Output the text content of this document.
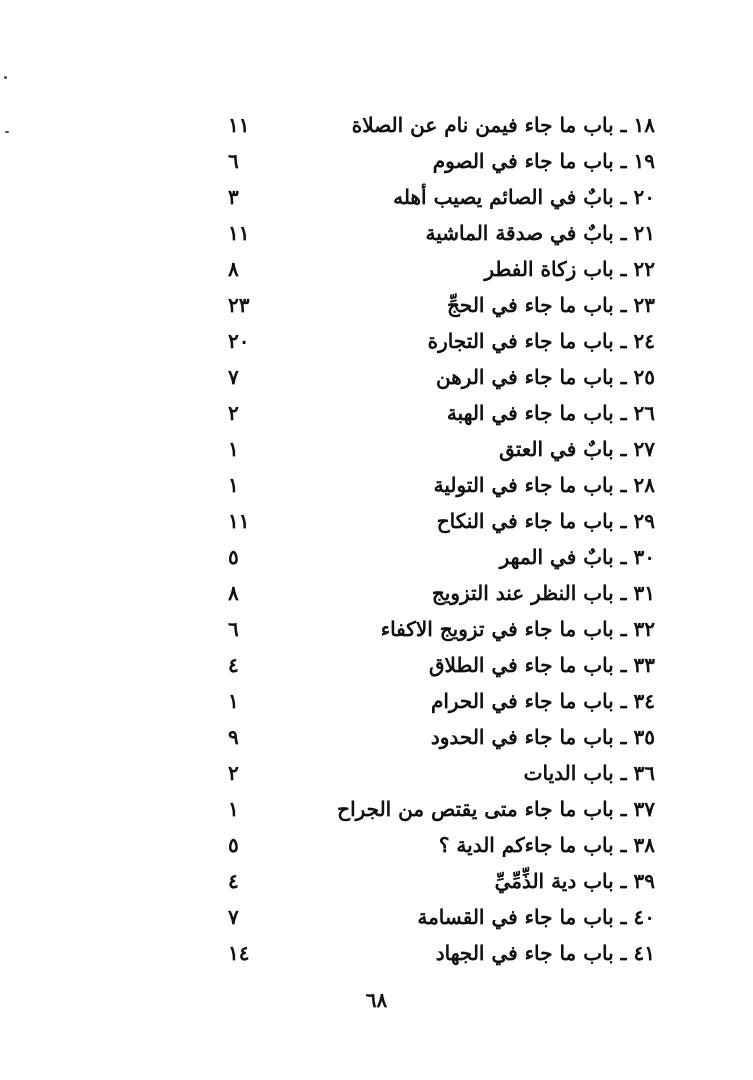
١٨ ـ باب ما جاء فيمن نام عن الصلاة
١١
١٩ ـ باب ما جاء في الصوم
٦
٢٠ ـ بابٌ في الصائم يصيب أهله
٣
٢١ ـ بابٌ في صدقة الماشية
١١
٢٢ ـ باب زكاة الفطر
٨
٢٣ ـ باب ما جاء في الحجِّ
٢٣
٢٤ ـ باب ما جاء في التجارة
٢٠
٢٥ ـ باب ما جاء في الرهن
٧
٢٦ ـ باب ما جاء في الهبة
٢
٢٧ ـ بابٌ في العتق
١
٢٨ ـ باب ما جاء في التولية
١
٢٩ ـ باب ما جاء في النكاح
١١
٣٠ ـ بابٌ في المهر
٥
٣١ ـ باب النظر عند التزويج
٨
٣٢ ـ باب ما جاء في تزويج الاكفاء
٦
٣٣ ـ باب ما جاء في الطلاق
٤
٣٤ ـ باب ما جاء في الحرام
١
٣٥ ـ باب ما جاء في الحدود
٩
٣٦ ـ باب الديات
٢
٣٧ ـ باب ما جاء متى يقتص من الجراح
١
٣٨ ـ باب ما جاءكم الدية ؟
٥
٣٩ ـ باب دية الذِّمِّيِّ
٤
٤٠ ـ باب ما جاء في القسامة
٧
٤١ ـ باب ما جاء في الجهاد
١٤
٦٨
